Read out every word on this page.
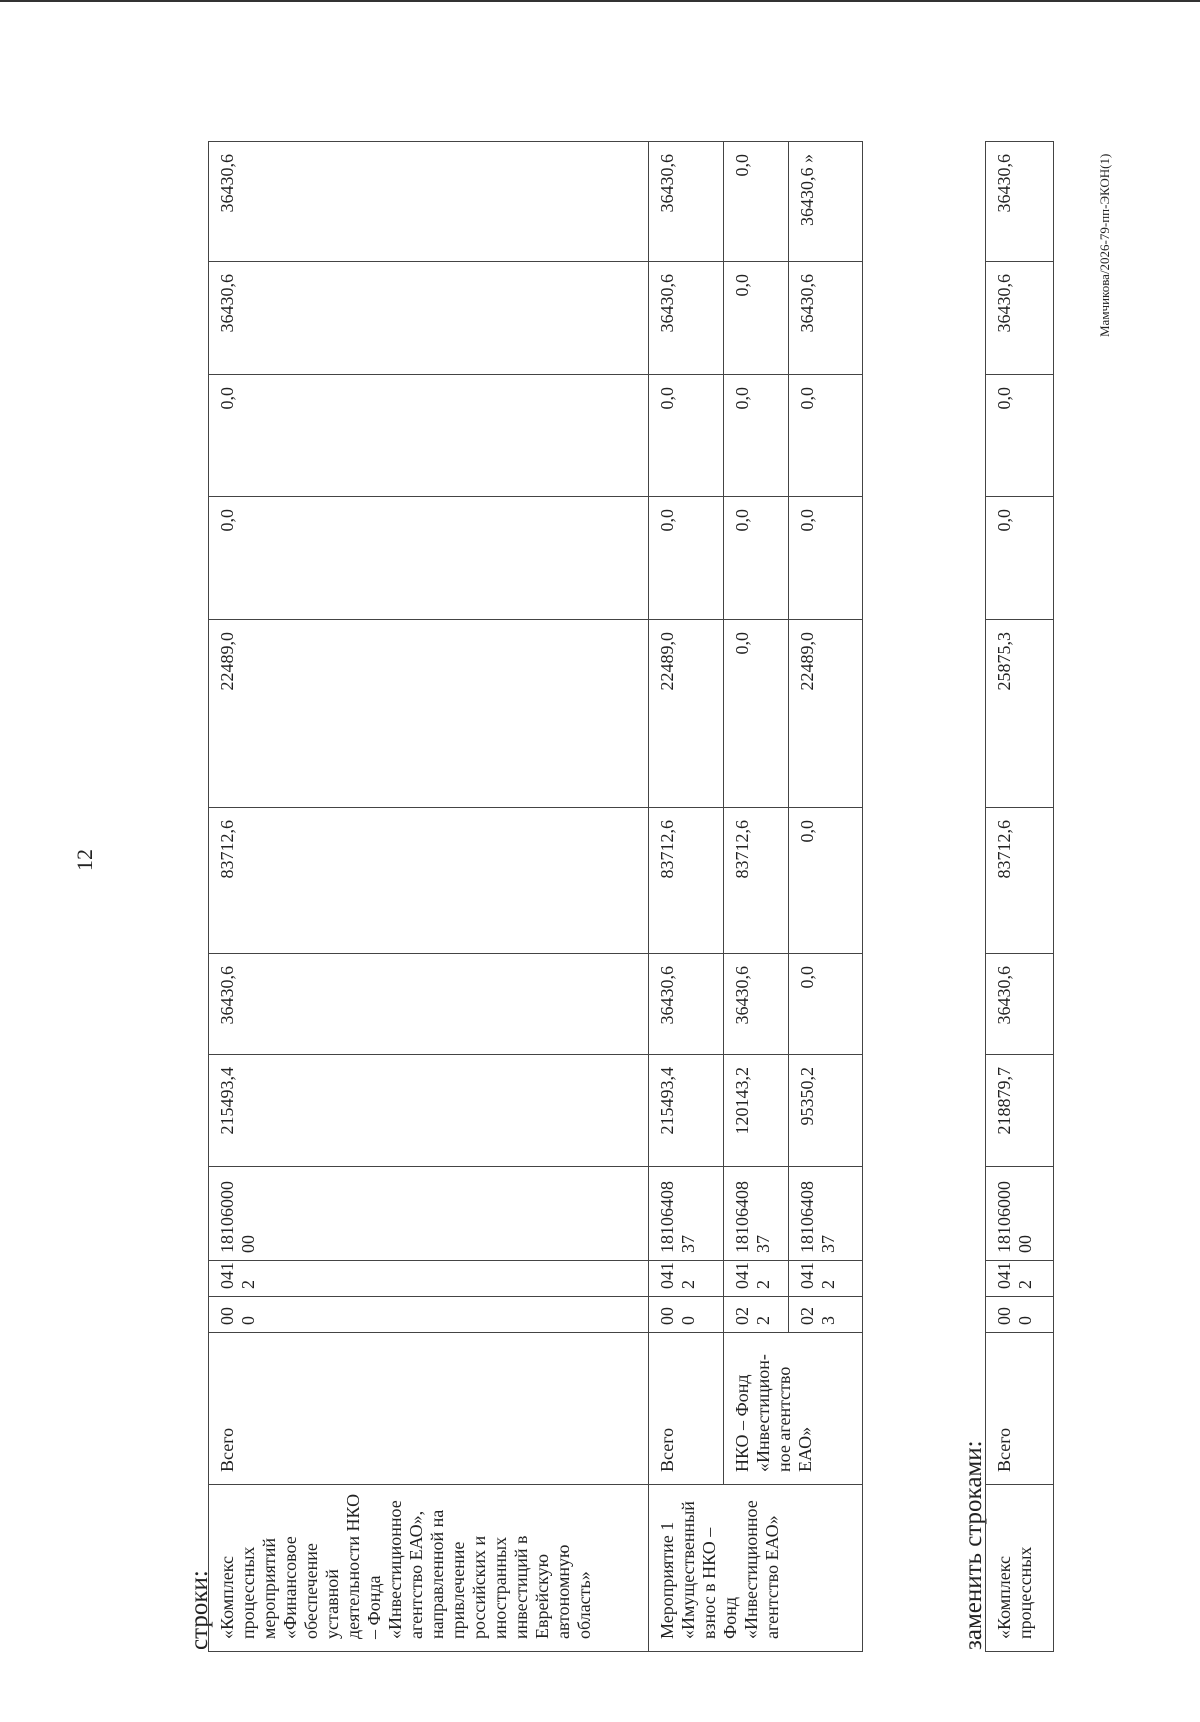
12
строки: «Комплекс процессных мероприятий «Финансовое обеспечение уставной деятельности НКО – Фонда «Инвестиционное агентство ЕАО», направленной на привлечение российских и иностранных инвестиций в Еврейскую автономную область»	Всего	00 0	041 2	18106000 00	215493,4	36430,6	83712,6	22489,0	0,0	0,0	36430,6	36430,6
Мероприятие 1 «Имущественный взнос в НКО – Фонд «Инвестиционное агентство ЕАО»	Всего	00 0	041 2	18106408 37	215493,4	36430,6	83712,6	22489,0	0,0	0,0	36430,6	36430,6
	НКО – Фонд «Инвестицион-ное агентство ЕАО»	02 2	041 2	18106408 37	120143,2	36430,6	83712,6	0,0	0,0	0,0	0,0	0,0
		02 3	041 2	18106408 37	95350,2	0,0	0,0	22489,0	0,0	0,0	36430,6	36430,6 »
заменить строками: «Комплекс процессных	Всего	00 0	041 2	18106000 00	218879,7	36430,6	83712,6	25875,3	0,0	0,0	36430,6	36430,6	Мамчикова/2026-79-пп-ЭКОН(1)
